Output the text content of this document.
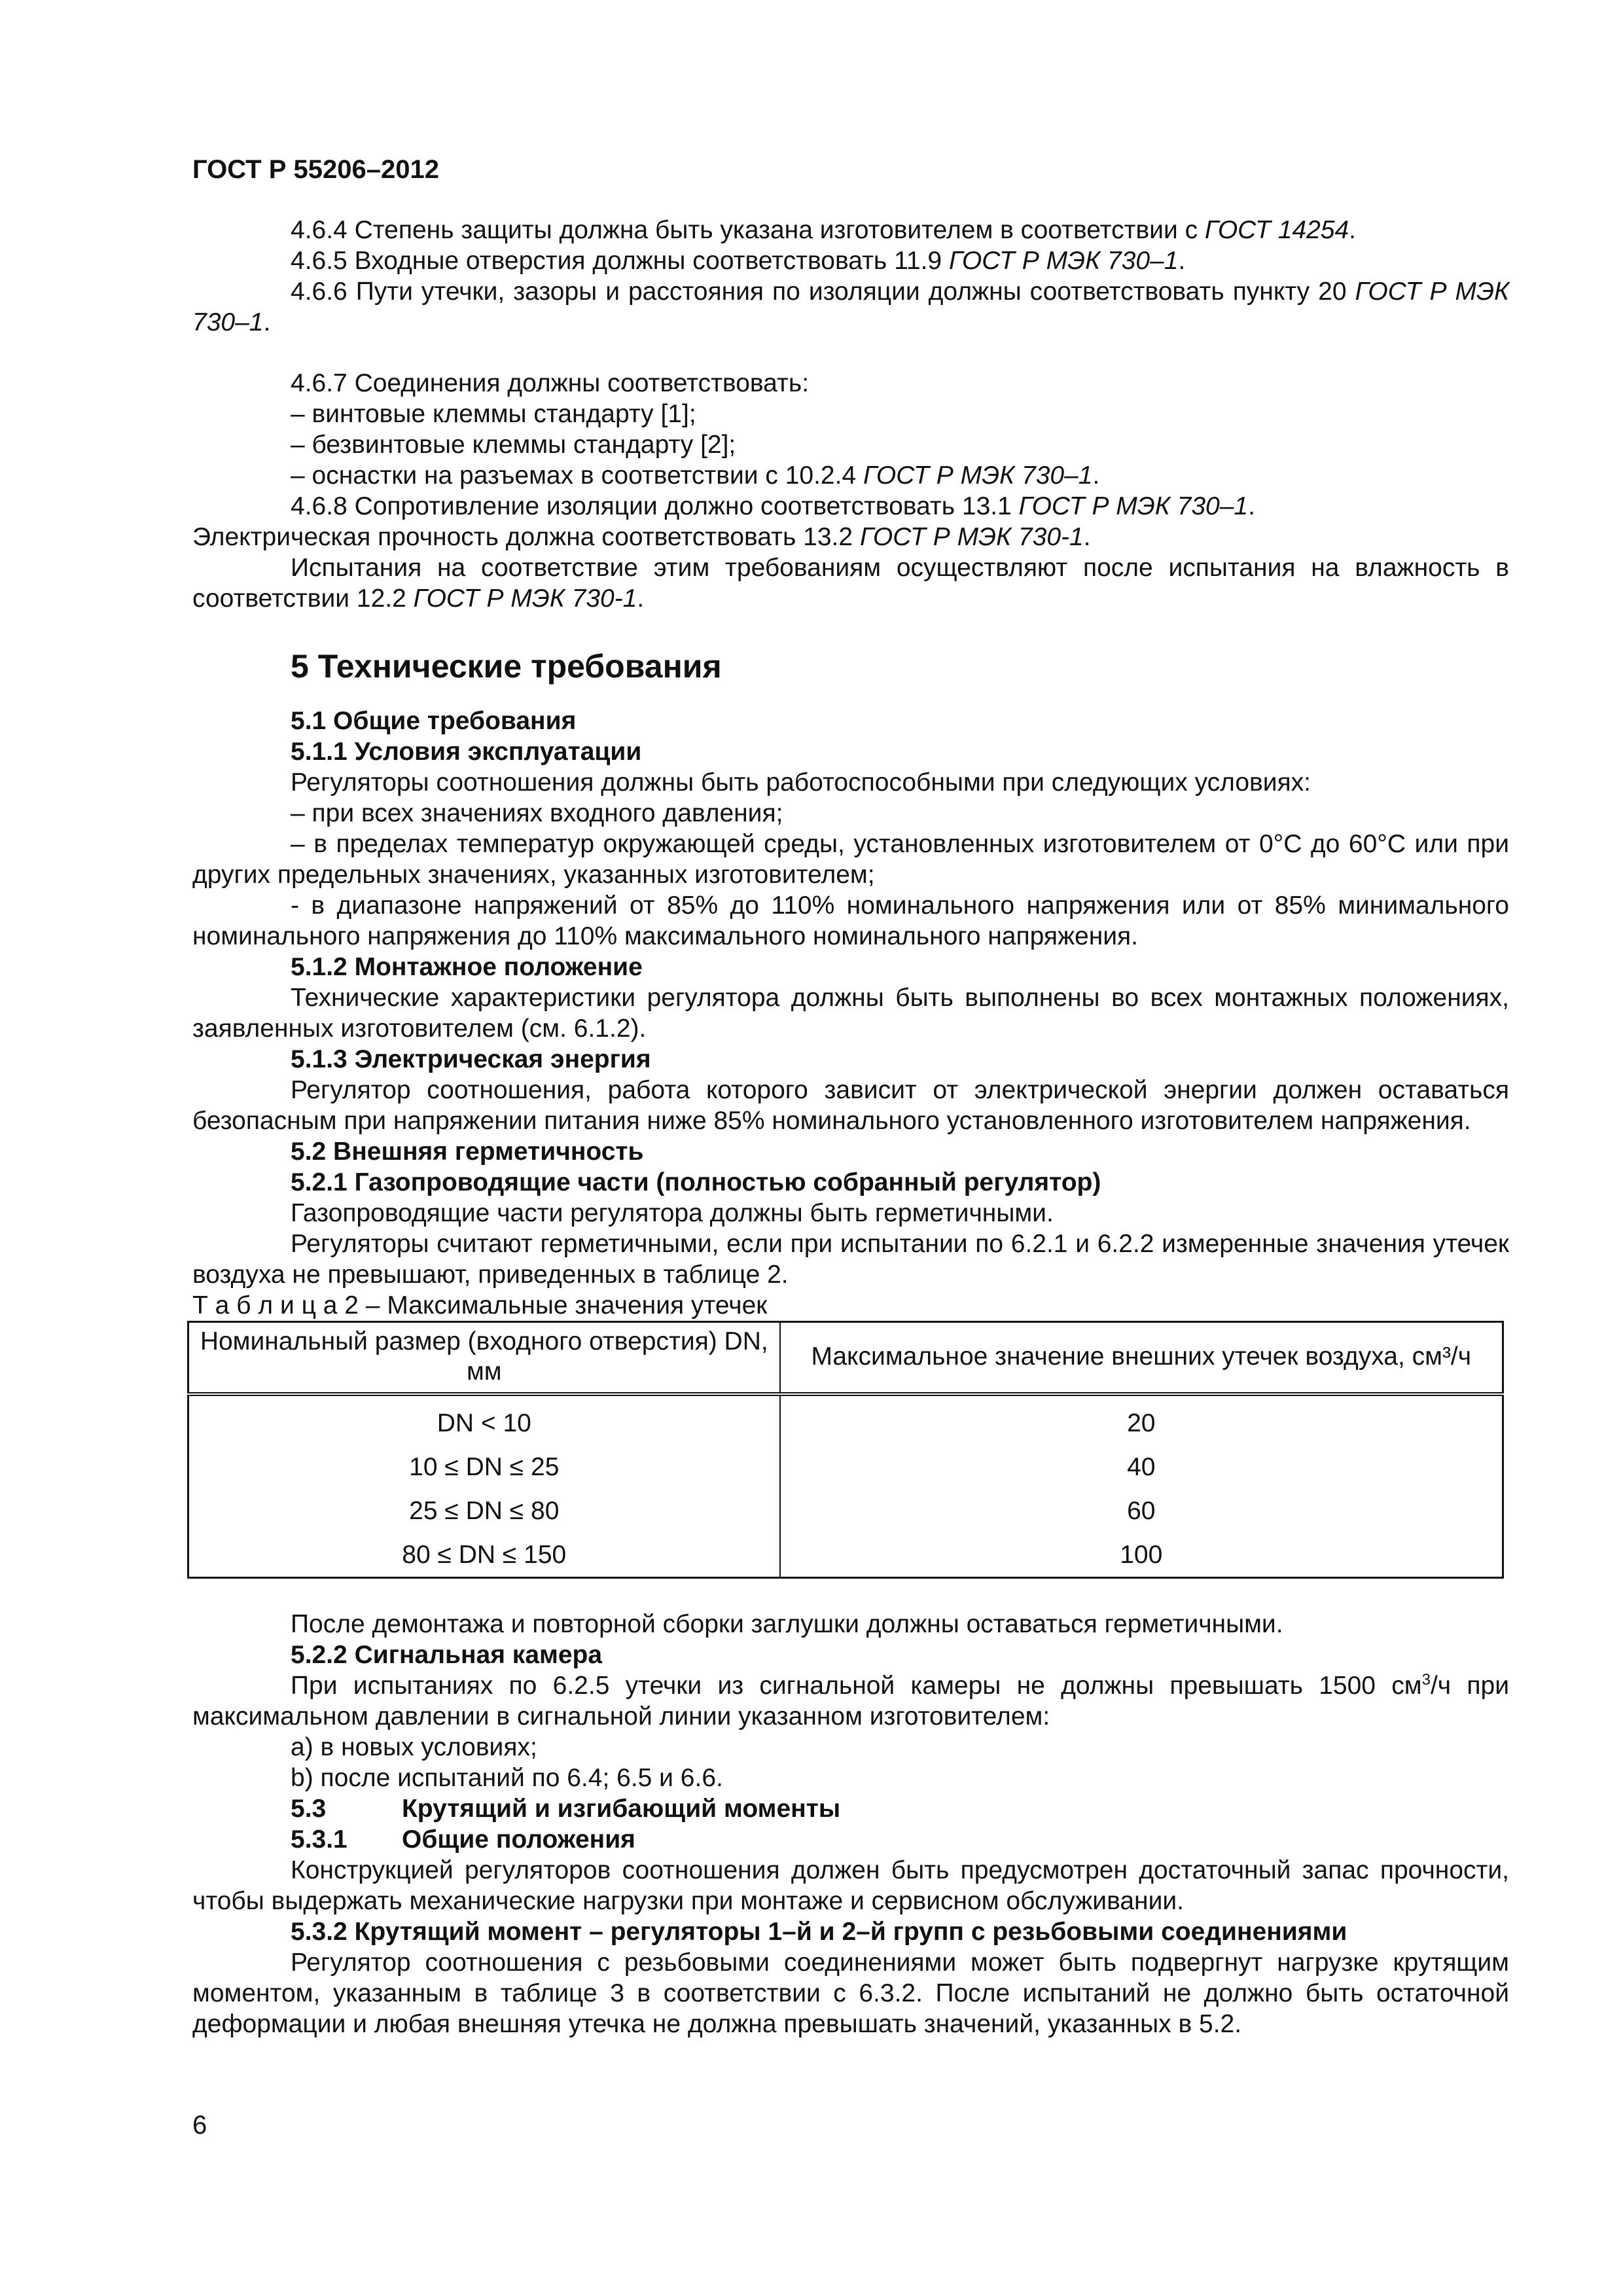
ГОСТ Р 55206–2012

4.6.4 Степень защиты должна быть указана изготовителем в соответствии с ГОСТ 14254.

4.6.5 Входные отверстия должны соответствовать 11.9 ГОСТ Р МЭК 730–1.

4.6.6 Пути утечки, зазоры и расстояния по изоляции должны соответствовать пункту 20 ГОСТ Р МЭК 730–1.

4.6.7 Соединения должны соответствовать:

– винтовые клеммы стандарту [1];

– безвинтовые клеммы стандарту [2];

– оснастки на разъемах в соответствии с 10.2.4 ГОСТ Р МЭК 730–1.

4.6.8 Сопротивление изоляции должно соответствовать 13.1 ГОСТ Р МЭК 730–1.

Электрическая прочность должна соответствовать 13.2 ГОСТ Р МЭК 730-1.

Испытания на соответствие этим требованиям осуществляют после испытания на влажность в соответствии 12.2 ГОСТ Р МЭК 730-1.

5 Технические требования

5.1 Общие требования

5.1.1 Условия эксплуатации

Регуляторы соотношения должны быть работоспособными при следующих условиях:

– при всех значениях входного давления;

– в пределах температур окружающей среды, установленных изготовителем от 0°С до 60°С или при других предельных значениях, указанных изготовителем;

- в диапазоне напряжений от 85% до 110% номинального напряжения или от 85% минимального номинального напряжения до 110% максимального номинального напряжения.

5.1.2 Монтажное положение

Технические характеристики регулятора должны быть выполнены во всех монтажных положениях, заявленных изготовителем (см. 6.1.2).

5.1.3 Электрическая энергия

Регулятор соотношения, работа которого зависит от электрической энергии должен оставаться безопасным при напряжении питания ниже 85% номинального установленного изготовителем напряжения.

5.2 Внешняя герметичность

5.2.1 Газопроводящие части (полностью собранный регулятор)

Газопроводящие части регулятора должны быть герметичными.

Регуляторы считают герметичными, если при испытании по 6.2.1 и 6.2.2 измеренные значения утечек воздуха не превышают, приведенных в таблице 2.

Т а б л и ц а 2 – Максимальные значения утечек

Номинальный размер (входного отверстия) DN, мм	Максимальное значение внешних утечек воздуха, см³/ч
DN < 10	20
10 ≤ DN ≤ 25	40
25 ≤ DN ≤ 80	60
80 ≤ DN ≤ 150	100

После демонтажа и повторной сборки заглушки должны оставаться герметичными.

5.2.2 Сигнальная камера

При испытаниях по 6.2.5 утечки из сигнальной камеры не должны превышать 1500 $см^3/ч$ при максимальном давлении в сигнальной линии указанном изготовителем:

a) в новых условиях;

b) после испытаний по 6.4; 6.5 и 6.6.

5.3	Крутящий и изгибающий моменты

5.3.1 Общие положения

Конструкцией регуляторов соотношения должен быть предусмотрен достаточный запас прочности, чтобы выдержать механические нагрузки при монтаже и сервисном обслуживании.

5.3.2 Крутящий момент – регуляторы 1–й и 2–й групп с резьбовыми соединениями

Регулятор соотношения с резьбовыми соединениями может быть подвергнут нагрузке крутящим моментом, указанным в таблице 3 в соответствии с 6.3.2. После испытаний не должно быть остаточной деформации и любая внешняя утечка не должна превышать значений, указанных в 5.2.

6
